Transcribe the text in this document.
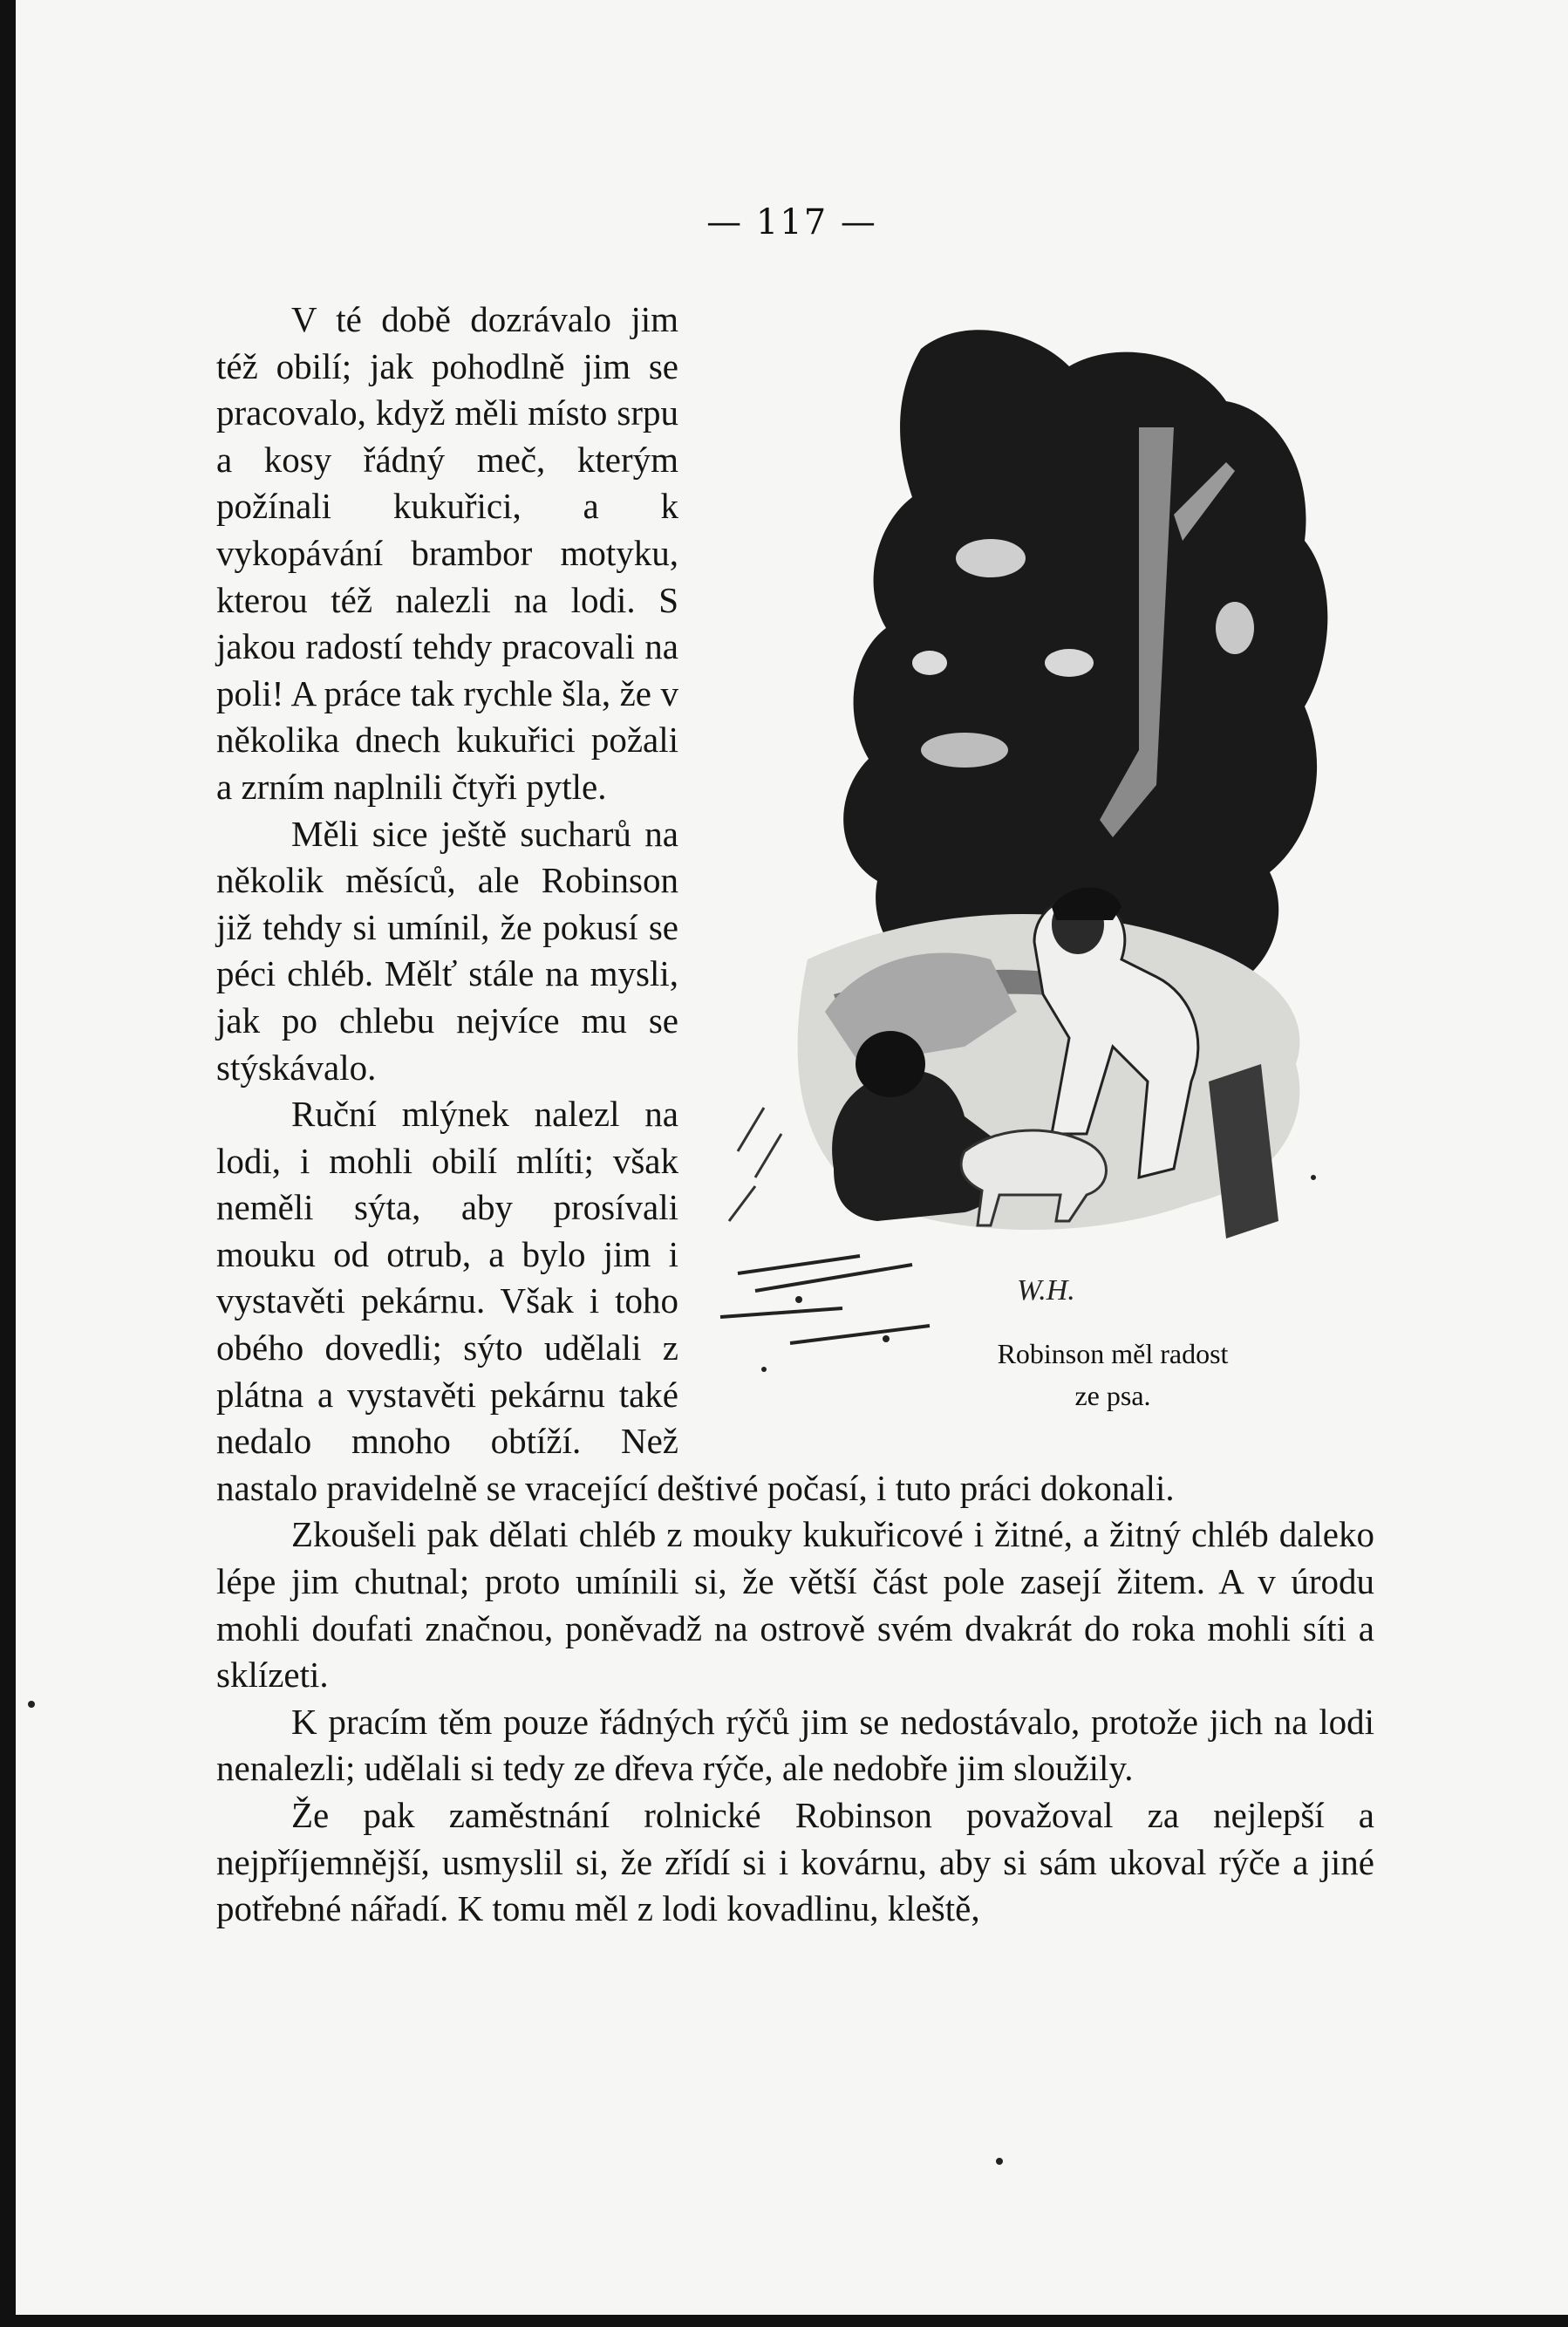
— 117 —
W.H.
Robinson měl radost
ze psa.

V té době dozrávalo jim též obilí; jak pohodlně jim se pracovalo, když měli místo srpu a kosy řádný meč, kterým požínali kukuřici, a k vykopávání brambor motyku, kterou též nalezli na lodi. S jakou radostí tehdy pracovali na poli! A práce tak rychle šla, že v několika dnech kukuřici požali a zrním naplnili čtyři pytle.

Měli sice ještě sucharů na několik měsíců, ale Robinson již tehdy si umínil, že pokusí se péci chléb. Mělť stále na mysli, jak po chlebu nejvíce mu se stýskávalo.

Ruční mlýnek nalezl na lodi, i mohli obilí mlíti; však neměli sýta, aby prosívali mouku od otrub, a bylo jim i vystavěti pekárnu. Však i toho obého dovedli; sýto udělali z plátna a vystavěti pekárnu také nedalo mnoho obtíží. Než nastalo pravidelně se vracející deštivé počasí, i tuto práci dokonali.

Zkoušeli pak dělati chléb z mouky kukuřicové i žitné, a žitný chléb daleko lépe jim chutnal; proto umínili si, že větší část pole zasejí žitem. A v úrodu mohli doufati značnou, poněvadž na ostrově svém dvakrát do roka mohli síti a sklízeti.

K pracím těm pouze řádných rýčů jim se nedostávalo, protože jich na lodi nenalezli; udělali si tedy ze dřeva rýče, ale nedobře jim sloužily.

Že pak zaměstnání rolnické Robinson považoval za nejlepší a nejpříjemnější, usmyslil si, že zřídí si i kovárnu, aby si sám ukoval rýče a jiné potřebné nářadí. K tomu měl z lodi kovadlinu, kleště,
